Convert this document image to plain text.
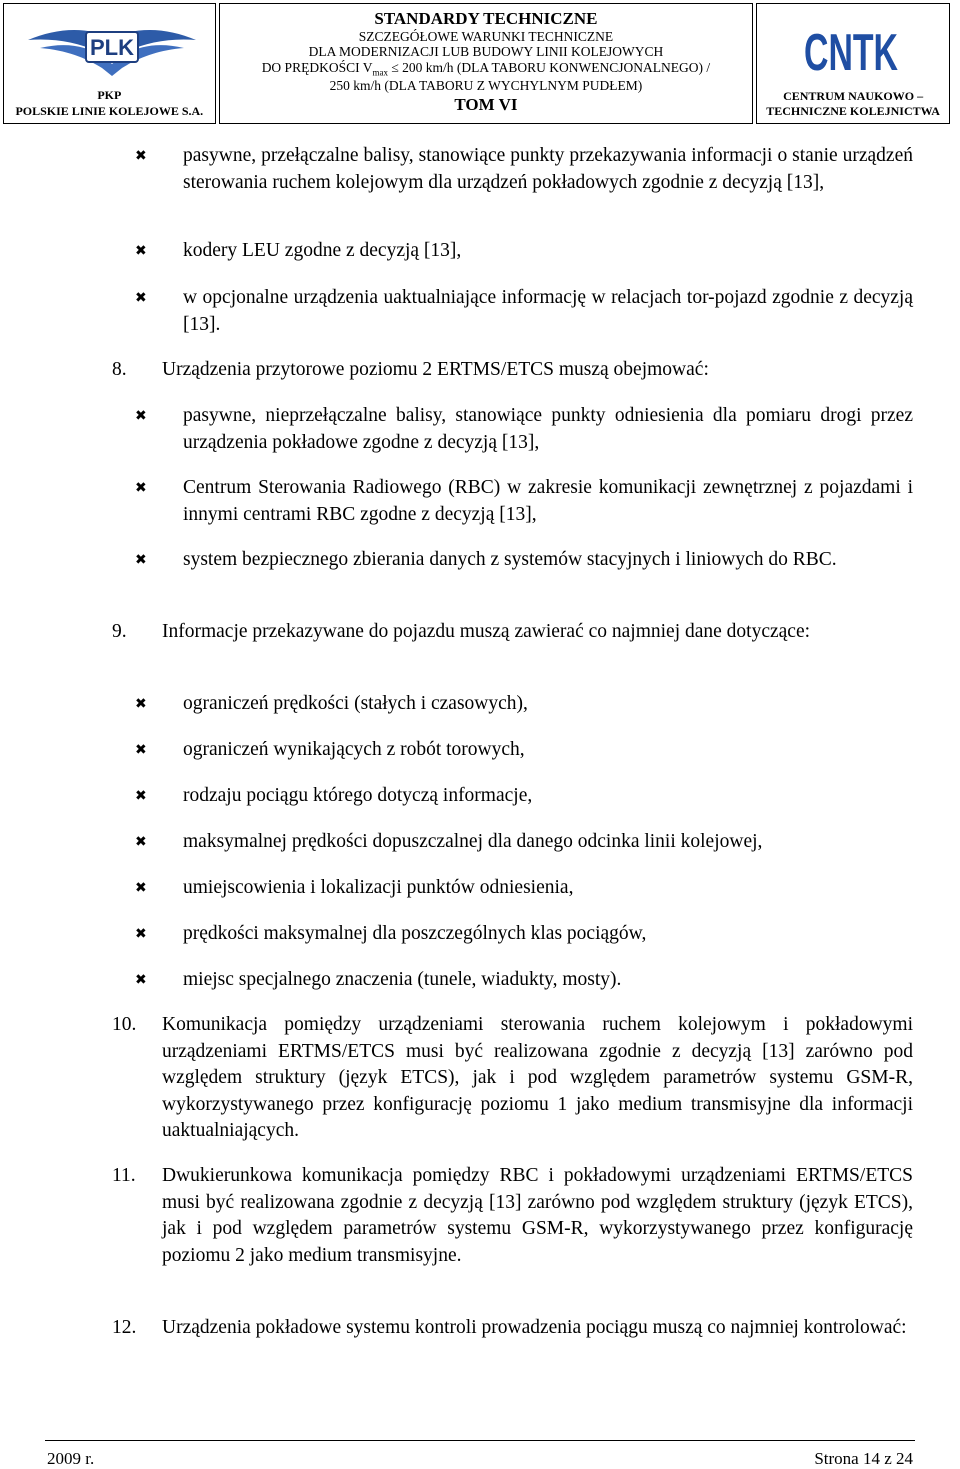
PLK
PKP
POLSKIE LINIE KOLEJOWE S.A.
STANDARDY TECHNICZNE
SZCZEGÓŁOWE WARUNKI TECHNICZNE
DLA MODERNIZACJI LUB BUDOWY LINII KOLEJOWYCH
DO PRĘDKOŚCI $V_{max} \le 200$ km/h (DLA TABORU KONWENCJONALNEGO) /
250 km/h (DLA TABORU Z WYCHYLNYM PUDŁEM)
TOM VI
CNTK
CENTRUM NAUKOWO –
TECHNICZNE KOLEJNICTWA
✖ pasywne, przełączalne balisy, stanowiące punkty przekazywania informacji o stanie urządzeń sterowania ruchem kolejowym dla urządzeń pokładowych zgodnie z decyzją [13],
✖ kodery LEU zgodne z decyzją [13],
✖ w opcjonalne urządzenia uaktualniające informację w relacjach tor-pojazd zgodnie z decyzją [13].
8. Urządzenia przytorowe poziomu 2 ERTMS/ETCS muszą obejmować:
✖ pasywne, nieprzełączalne balisy, stanowiące punkty odniesienia dla pomiaru drogi przez urządzenia pokładowe zgodne z decyzją [13],
✖ Centrum Sterowania Radiowego (RBC) w zakresie komunikacji zewnętrznej z pojazdami i innymi centrami RBC zgodne z decyzją [13],
✖ system bezpiecznego zbierania danych z systemów stacyjnych i liniowych do RBC.
9. Informacje przekazywane do pojazdu muszą zawierać co najmniej dane dotyczące:
✖ ograniczeń prędkości (stałych i czasowych),
✖ ograniczeń wynikających z robót torowych,
✖ rodzaju pociągu którego dotyczą informacje,
✖ maksymalnej prędkości dopuszczalnej dla danego odcinka linii kolejowej,
✖ umiejscowienia i lokalizacji punktów odniesienia,
✖ prędkości maksymalnej dla poszczególnych klas pociągów,
✖ miejsc specjalnego znaczenia (tunele, wiadukty, mosty).
10. Komunikacja pomiędzy urządzeniami sterowania ruchem kolejowym i pokładowymi urządzeniami ERTMS/ETCS musi być realizowana zgodnie z decyzją [13] zarówno pod względem struktury (język ETCS), jak i pod względem parametrów systemu GSM-R, wykorzystywanego przez konfigurację poziomu 1 jako medium transmisyjne dla informacji uaktualniających.
11. Dwukierunkowa komunikacja pomiędzy RBC i pokładowymi urządzeniami ERTMS/ETCS musi być realizowana zgodnie z decyzją [13] zarówno pod względem struktury (język ETCS), jak i pod względem parametrów systemu GSM-R, wykorzystywanego przez konfigurację poziomu 2 jako medium transmisyjne.
12. Urządzenia pokładowe systemu kontroli prowadzenia pociągu muszą co najmniej kontrolować:
2009 r.	Strona 14 z 24
